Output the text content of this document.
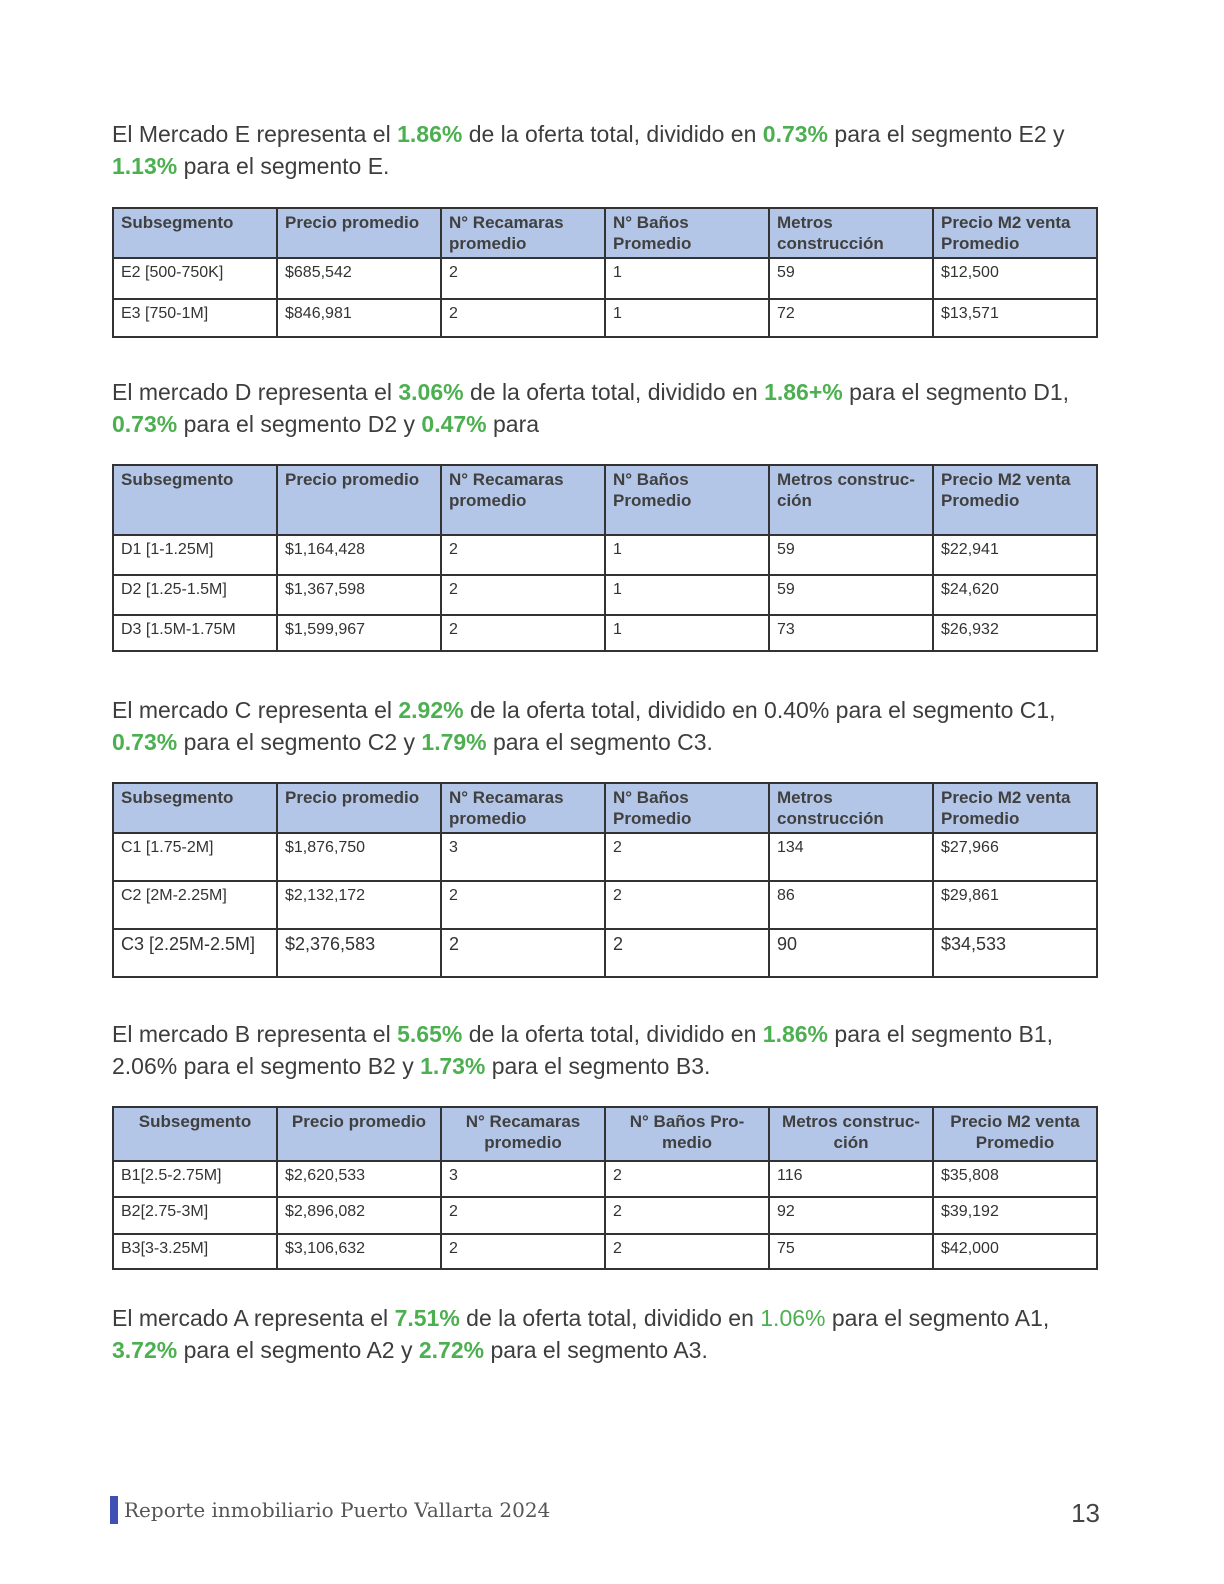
El Mercado E representa el 1.86% de la oferta total, dividido en 0.73% para el segmento E2 y 1.13% para el segmento E.

Subsegmento	Precio promedio	N° Recamaras promedio	N° Baños Promedio	Metros construcción	Precio M2 venta Promedio
E2 [500-750K]	$685,542	2	1	59	$12,500
E3 [750-1M]	$846,981	2	1	72	$13,571

El mercado D representa el 3.06% de la oferta total, dividido en 1.86+% para el segmento D1, 0.73% para el segmento D2 y 0.47% para

Subsegmento	Precio promedio	N° Recamaras promedio	N° Baños Promedio	Metros construc-ción	Precio M2 venta Promedio
D1 [1-1.25M]	$1,164,428	2	1	59	$22,941
D2 [1.25-1.5M]	$1,367,598	2	1	59	$24,620
D3 [1.5M-1.75M	$1,599,967	2	1	73	$26,932

El mercado C representa el 2.92% de la oferta total, dividido en 0.40% para el segmento C1, 0.73% para el segmento C2 y 1.79% para el segmento C3.

Subsegmento	Precio promedio	N° Recamaras promedio	N° Baños Promedio	Metros construcción	Precio M2 venta Promedio
C1 [1.75-2M]	$1,876,750	3	2	134	$27,966
C2 [2M-2.25M]	$2,132,172	2	2	86	$29,861
C3 [2.25M-2.5M]	$2,376,583	2	2	90	$34,533

El mercado B representa el 5.65% de la oferta total, dividido en 1.86% para el segmento B1, 2.06% para el segmento B2 y 1.73% para el segmento B3.

Subsegmento	Precio promedio	N° Recamaras promedio	N° Baños Pro-medio	Metros construc-ción	Precio M2 venta Promedio
B1[2.5-2.75M]	$2,620,533	3	2	116	$35,808
B2[2.75-3M]	$2,896,082	2	2	92	$39,192
B3[3-3.25M]	$3,106,632	2	2	75	$42,000

El mercado A representa el 7.51% de la oferta total, dividido en 1.06% para el segmento A1, 3.72% para el segmento A2 y 2.72% para el segmento A3.

Reporte inmobiliario Puerto Vallarta 2024	13
